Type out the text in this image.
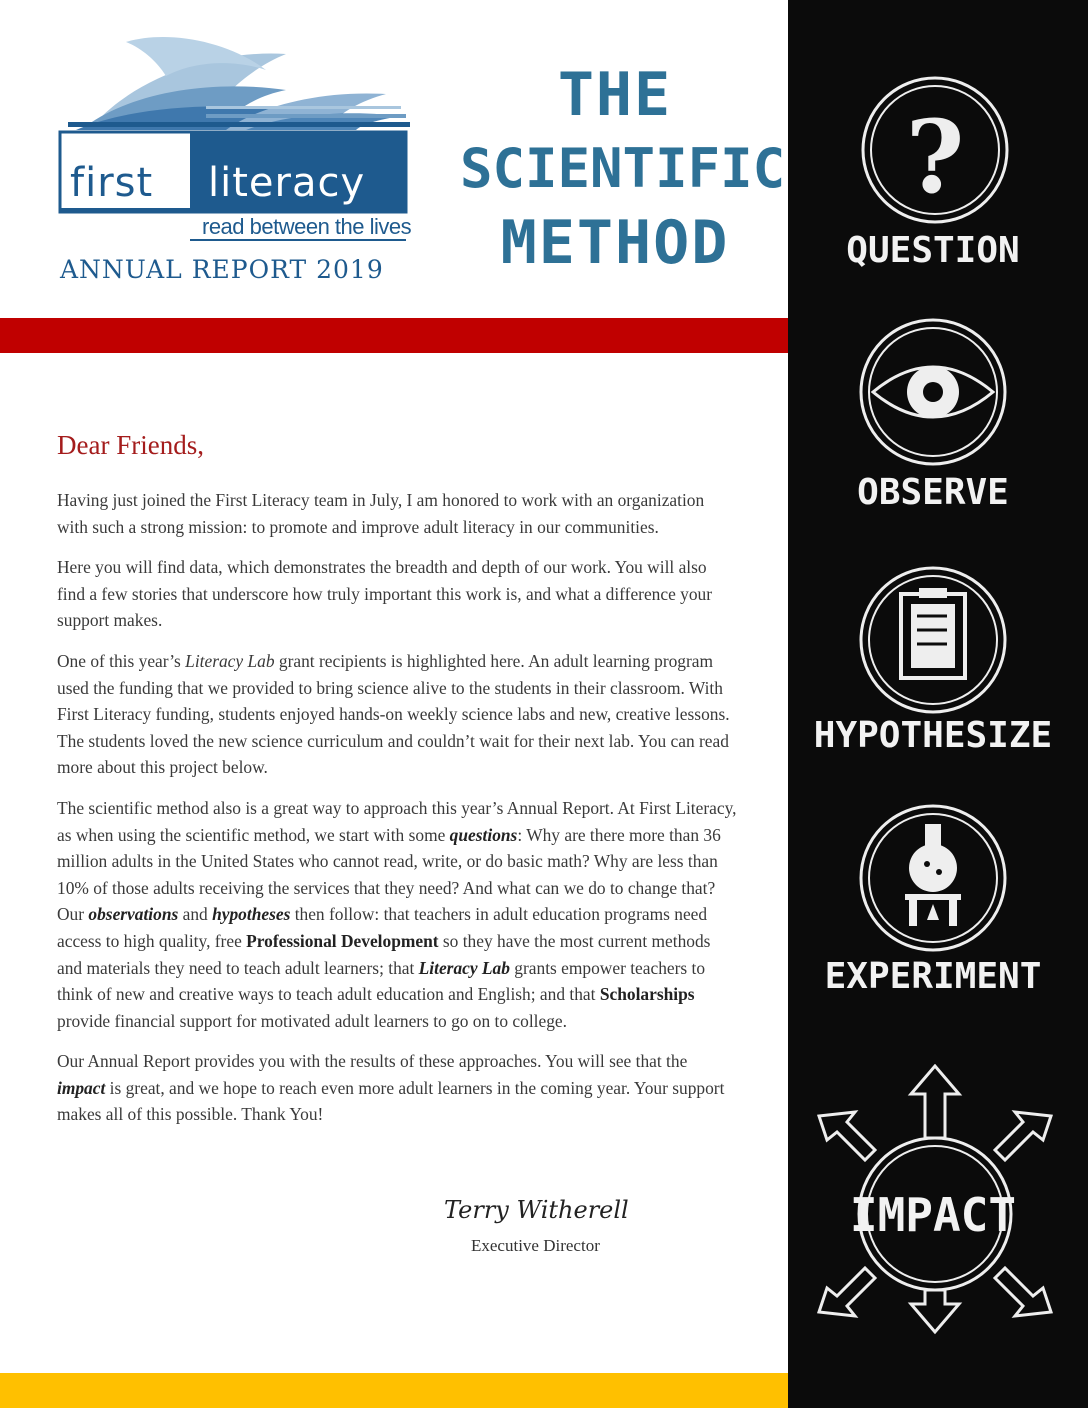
first literacy
read between the lives
ANNUAL REPORT 2019
THE
SCIENTIFIC
METHOD
Dear Friends,

Having just joined the First Literacy team in July, I am honored to work with an organization with such a strong mission: to promote and improve adult literacy in our communities.

Here you will find data, which demonstrates the breadth and depth of our work. You will also find a few stories that underscore how truly important this work is, and what a difference your support makes.

One of this year’s Literacy Lab grant recipients is highlighted here. An adult learning program used the funding that we provided to bring science alive to the students in their classroom. With First Literacy funding, students enjoyed hands-on weekly science labs and new, creative lessons. The students loved the new science curriculum and couldn’t wait for their next lab. You can read more about this project below.

The scientific method also is a great way to approach this year’s Annual Report. At First Literacy, as when using the scientific method, we start with some questions: Why are there more than 36 million adults in the United States who cannot read, write, or do basic math? Why are less than 10% of those adults receiving the services that they need? And what can we do to change that? Our observations and hypotheses then follow: that teachers in adult education programs need access to high quality, free Professional Development so they have the most current methods and materials they need to teach adult learners; that Literacy Lab grants empower teachers to think of new and creative ways to teach adult education and English; and that Scholarships provide financial support for motivated adult learners to go on to college.

Our Annual Report provides you with the results of these approaches. You will see that the impact is great, and we hope to reach even more adult learners in the coming year. Your support makes all of this possible. Thank You!

Terry Witherell
Executive Director
?
QUESTION
OBSERVE
HYPOTHESIZE
EXPERIMENT
IMPACT
